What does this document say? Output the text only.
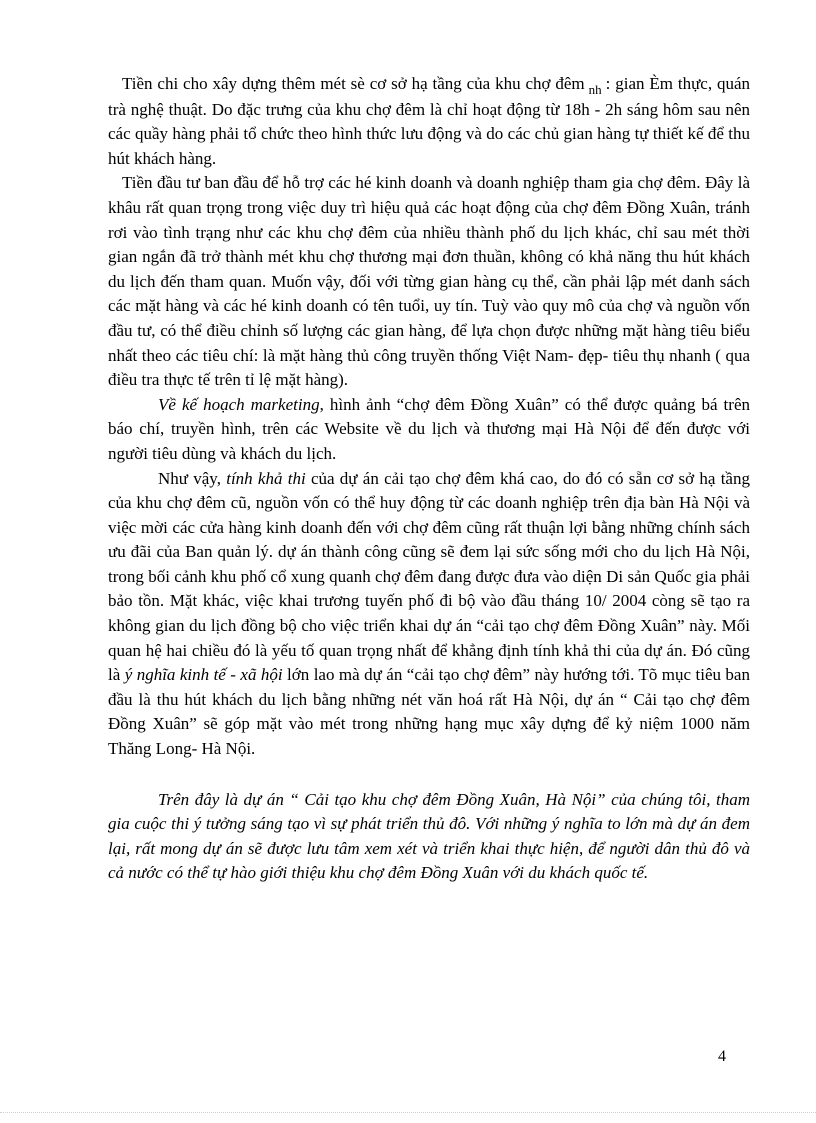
Tiền chi cho xây dựng thêm mét sè cơ sở hạ tầng của khu chợ đêm $_{nh}$ : gian Èm thực, quán trà nghệ thuật. Do đặc trưng của khu chợ đêm là chỉ hoạt động từ 18h - 2h sáng hôm sau nên các quầy hàng phải tổ chức theo hình thức lưu động và do các chủ gian hàng tự thiết kế để thu hút khách hàng.

Tiền đầu tư ban đầu để hỗ trợ các hé kinh doanh và doanh nghiệp tham gia chợ đêm. Đây là khâu rất quan trọng trong việc duy trì hiệu quả các hoạt động của chợ đêm Đồng Xuân, tránh rơi vào tình trạng như các khu chợ đêm của nhiều thành phố du lịch khác, chỉ sau mét thời gian ngắn đã trở thành mét khu chợ thương mại đơn thuần, không có khả năng thu hút khách du lịch đến tham quan. Muốn vậy, đối với từng gian hàng cụ thể, cần phải lập mét danh sách các mặt hàng và các hé kinh doanh có tên tuổi, uy tín. Tuỳ vào quy mô của chợ và nguồn vốn đầu tư, có thể điều chỉnh số lượng các gian hàng, để lựa chọn được những mặt hàng tiêu biểu nhất theo các tiêu chí: là mặt hàng thủ công truyền thống Việt Nam- đẹp- tiêu thụ nhanh ( qua điều tra thực tế trên tỉ lệ mặt hàng).

Về kế hoạch marketing, hình ảnh “chợ đêm Đồng Xuân” có thể được quảng bá trên báo chí, truyền hình, trên các Website về du lịch và thương mại Hà Nội để đến được với người tiêu dùng và khách du lịch.

Như vậy, tính khả thi của dự án cải tạo chợ đêm khá cao, do đó có sẵn cơ sở hạ tầng của khu chợ đêm cũ, nguồn vốn có thể huy động từ các doanh nghiệp trên địa bàn Hà Nội và việc mời các cửa hàng kinh doanh đến với chợ đêm cũng rất thuận lợi bằng những chính sách ưu đãi của Ban quản lý. dự án thành công cũng sẽ đem lại sức sống mới cho du lịch Hà Nội, trong bối cảnh khu phố cổ xung quanh chợ đêm đang được đưa vào diện Di sản Quốc gia phải bảo tồn. Mặt khác, việc khai trương tuyến phố đi bộ vào đầu tháng 10/ 2004 còng sẽ tạo ra không gian du lịch đồng bộ cho việc triển khai dự án “cải tạo chợ đêm Đồng Xuân” này. Mối quan hệ hai chiều đó là yếu tố quan trọng nhất để khẳng định tính khả thi của dự án. Đó cũng là ý nghĩa kinh tế - xã hội lớn lao mà dự án “cải tạo chợ đêm” này hướng tới. Tõ mục tiêu ban đầu là thu hút khách du lịch bằng những nét văn hoá rất Hà Nội, dự án “ Cải tạo chợ đêm Đồng Xuân” sẽ góp mặt vào mét trong những hạng mục xây dựng để kỷ niệm 1000 năm Thăng Long- Hà Nội.

Trên đây là dự án “ Cải tạo khu chợ đêm Đồng Xuân, Hà Nội” của chúng tôi, tham gia cuộc thi ý tưởng sáng tạo vì sự phát triển thủ đô. Với những ý nghĩa to lớn mà dự án đem lại, rất mong dự án sẽ được lưu tâm xem xét và triển khai thực hiện, để người dân thủ đô và cả nước có thể tự hào giới thiệu khu chợ đêm Đồng Xuân với du khách quốc tế.

4
